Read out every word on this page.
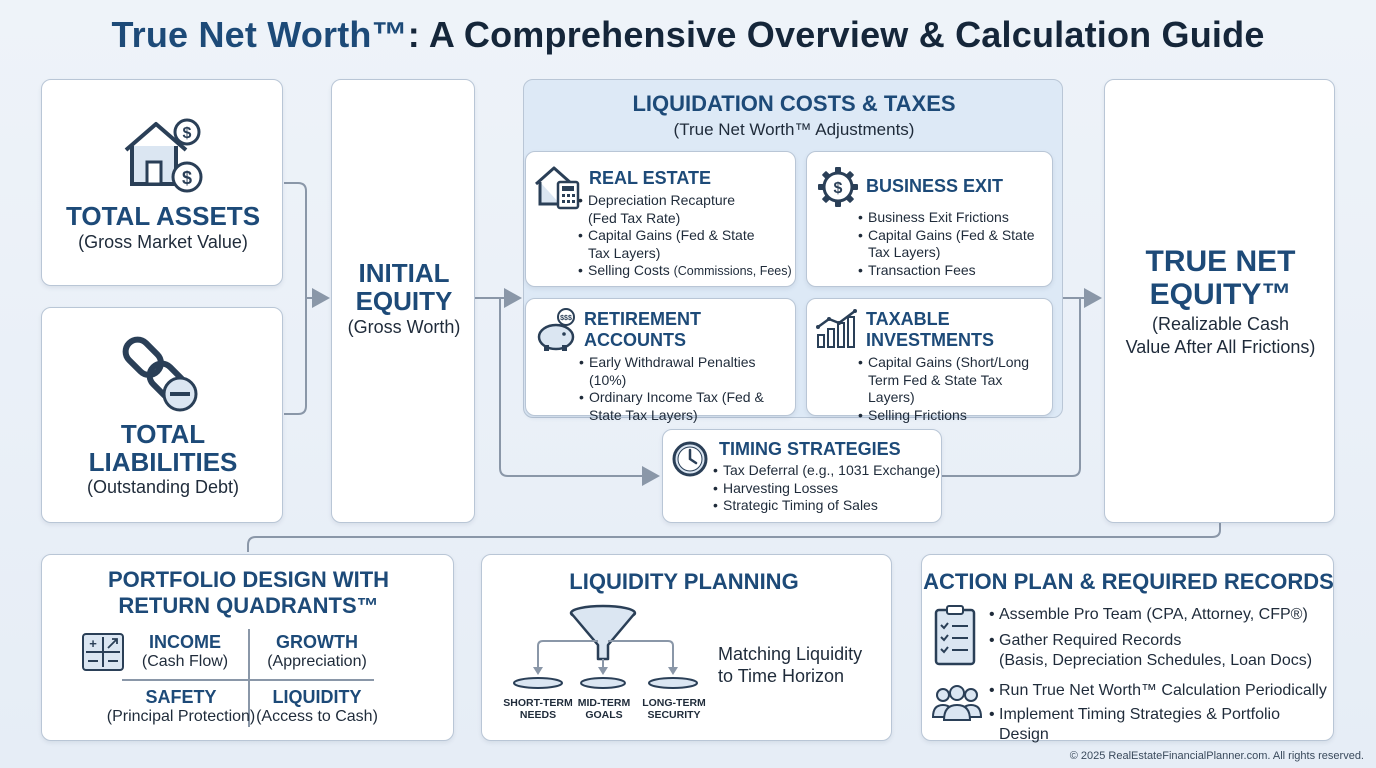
True Net Worth™: A Comprehensive Overview & Calculation Guide
$
$
TOTAL ASSETS
(Gross Market Value)
TOTAL
LIABILITIES
(Outstanding Debt)
INITIAL
EQUITY
(Gross Worth)
LIQUIDATION COSTS & TAXES
(True Net Worth™ Adjustments)
REAL ESTATE
• Depreciation Recapture
(Fed Tax Rate)
• Capital Gains (Fed & State
Tax Layers)
• Selling Costs (Commissions, Fees)
$ BUSINESS EXIT
• Business Exit Frictions
• Capital Gains (Fed & State
Tax Layers)
• Transaction Fees
$$$ RETIREMENT
ACCOUNTS
• Early Withdrawal Penalties (10%)
• Ordinary Income Tax (Fed &
State Tax Layers)
TAXABLE
INVESTMENTS
• Capital Gains (Short/Long
Term Fed & State Tax Layers)
• Selling Frictions
TIMING STRATEGIES
• Tax Deferral (e.g., 1031 Exchange)
• Harvesting Losses
• Strategic Timing of Sales
TRUE NET
EQUITY™
(Realizable Cash
Value After All Frictions)
PORTFOLIO DESIGN WITH
RETURN QUADRANTS™
+	INCOME
(Cash Flow)
GROWTH
(Appreciation)
SAFETY
(Principal Protection)
LIQUIDITY
(Access to Cash)
LIQUIDITY PLANNING
SHORT-TERM
NEEDS
MID-TERM
GOALS
LONG-TERM
SECURITY
Matching Liquidity
to Time Horizon
ACTION PLAN & REQUIRED RECORDS
• Assemble Pro Team (CPA, Attorney, CFP®)
• Gather Required Records
(Basis, Depreciation Schedules, Loan Docs)
• Run True Net Worth™ Calculation Periodically
• Implement Timing Strategies & Portfolio Design
© 2025 RealEstateFinancialPlanner.com. All rights reserved.
